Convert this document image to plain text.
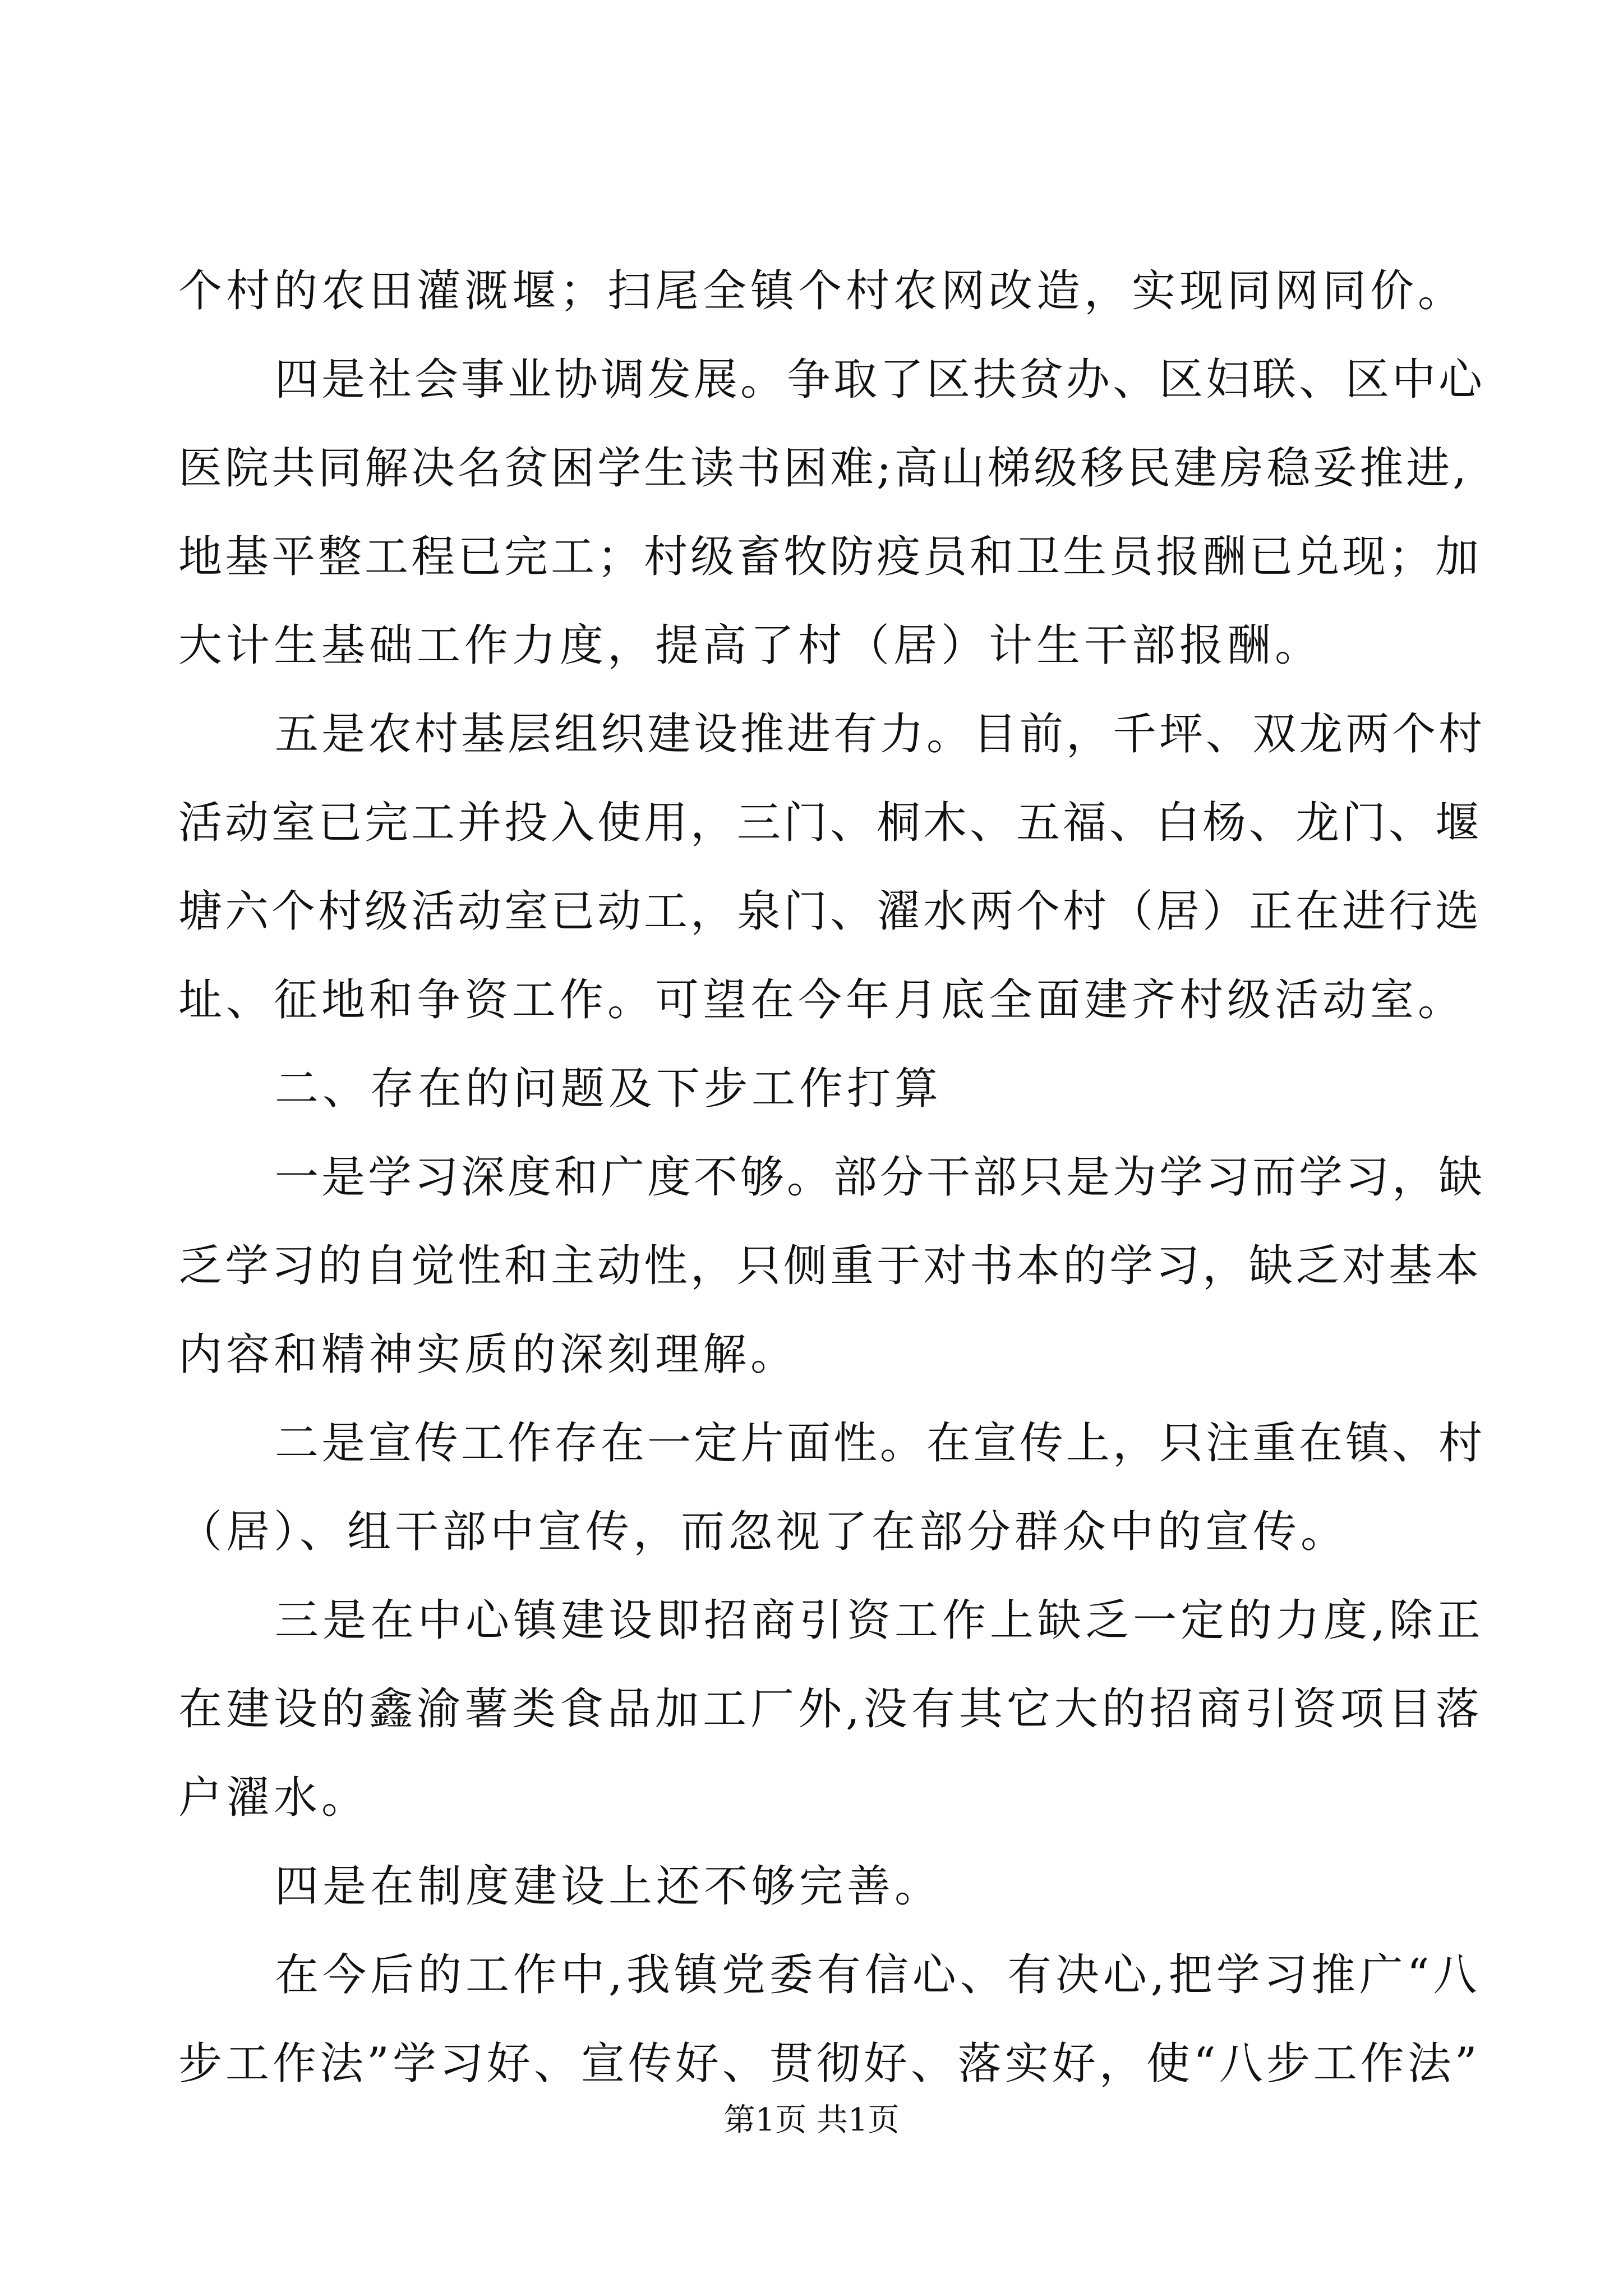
个村的农田灌溉堰；扫尾全镇个村农网改造，实现同网同价。
四是社会事业协调发展。争取了区扶贫办、区妇联、区中心
医院共同解决名贫困学生读书困难;高山梯级移民建房稳妥推进,
地基平整工程已完工；村级畜牧防疫员和卫生员报酬已兑现；加
大计生基础工作力度，提高了村（居）计生干部报酬。
五是农村基层组织建设推进有力。目前，千坪、双龙两个村
活动室已完工并投入使用，三门、桐木、五福、白杨、龙门、堰
塘六个村级活动室已动工，泉门、濯水两个村（居）正在进行选
址、征地和争资工作。可望在今年月底全面建齐村级活动室。
二、存在的问题及下步工作打算
一是学习深度和广度不够。部分干部只是为学习而学习，缺
乏学习的自觉性和主动性，只侧重于对书本的学习，缺乏对基本
内容和精神实质的深刻理解。
二是宣传工作存在一定片面性。在宣传上，只注重在镇、村
（居）、组干部中宣传，而忽视了在部分群众中的宣传。
三是在中心镇建设即招商引资工作上缺乏一定的力度,除正
在建设的鑫渝薯类食品加工厂外,没有其它大的招商引资项目落
户濯水。
四是在制度建设上还不够完善。
在今后的工作中,我镇党委有信心、有决心,把学习推广“八
步工作法”学习好、宣传好、贯彻好、落实好，使“八步工作法”
第1页 共1页
